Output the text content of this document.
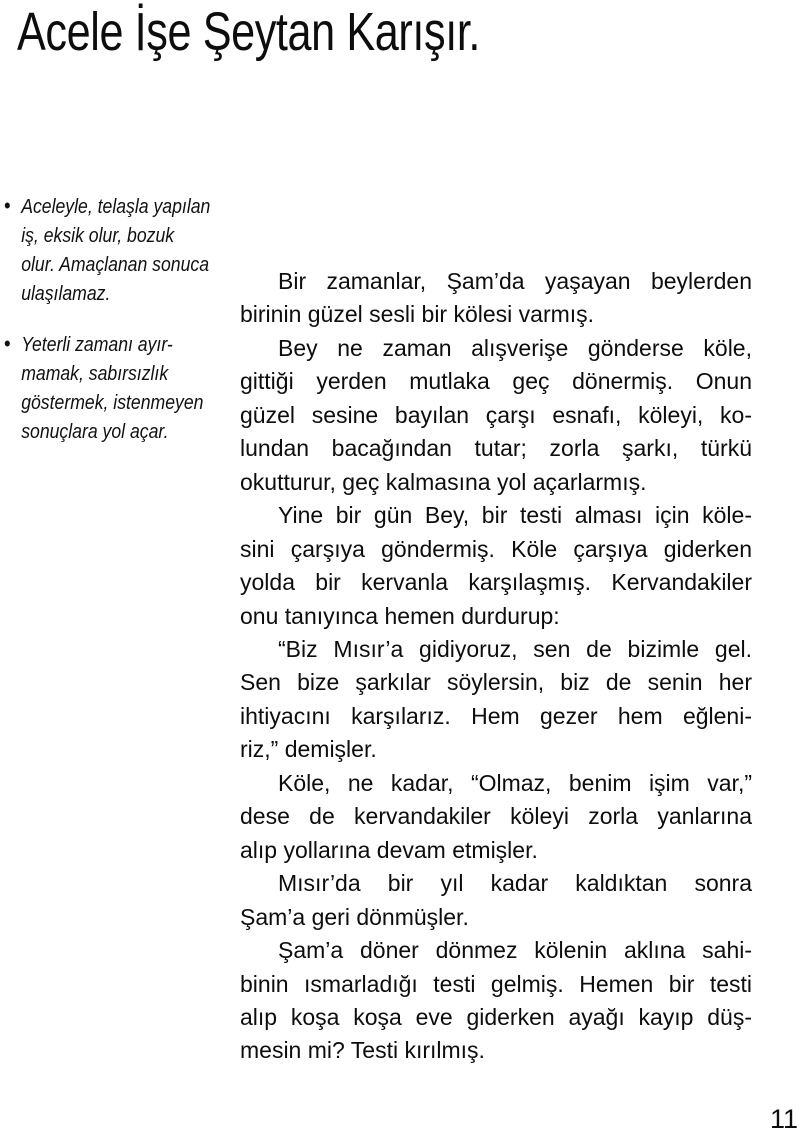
Acele İşe Şeytan Karışır.
• Aceleyle, telaşla yapılan
iş, eksik olur, bozuk
olur. Amaçlanan sonuca
ulaşılamaz.
• Yeterli zamanı ayır-
mamak, sabırsızlık
göstermek, istenmeyen
sonuçlara yol açar.
Bir zamanlar, Şam’da yaşayan beylerden
birinin güzel sesli bir kölesi varmış.
Bey ne zaman alışverişe gönderse köle,
gittiği yerden mutlaka geç dönermiş. Onun
güzel sesine bayılan çarşı esnafı, köleyi, ko-
lundan bacağından tutar; zorla şarkı, türkü
okutturur, geç kalmasına yol açarlarmış.
Yine bir gün Bey, bir testi alması için köle-
sini çarşıya göndermiş. Köle çarşıya giderken
yolda bir kervanla karşılaşmış. Kervandakiler
onu tanıyınca hemen durdurup:
“Biz Mısır’a gidiyoruz, sen de bizimle gel.
Sen bize şarkılar söylersin, biz de senin her
ihtiyacını karşılarız. Hem gezer hem eğleni-
riz,” demişler.
Köle, ne kadar, “Olmaz, benim işim var,”
dese de kervandakiler köleyi zorla yanlarına
alıp yollarına devam etmişler.
Mısır’da bir yıl kadar kaldıktan sonra
Şam’a geri dönmüşler.
Şam’a döner dönmez kölenin aklına sahi-
binin ısmarladığı testi gelmiş. Hemen bir testi
alıp koşa koşa eve giderken ayağı kayıp düş-
mesin mi? Testi kırılmış.
11
